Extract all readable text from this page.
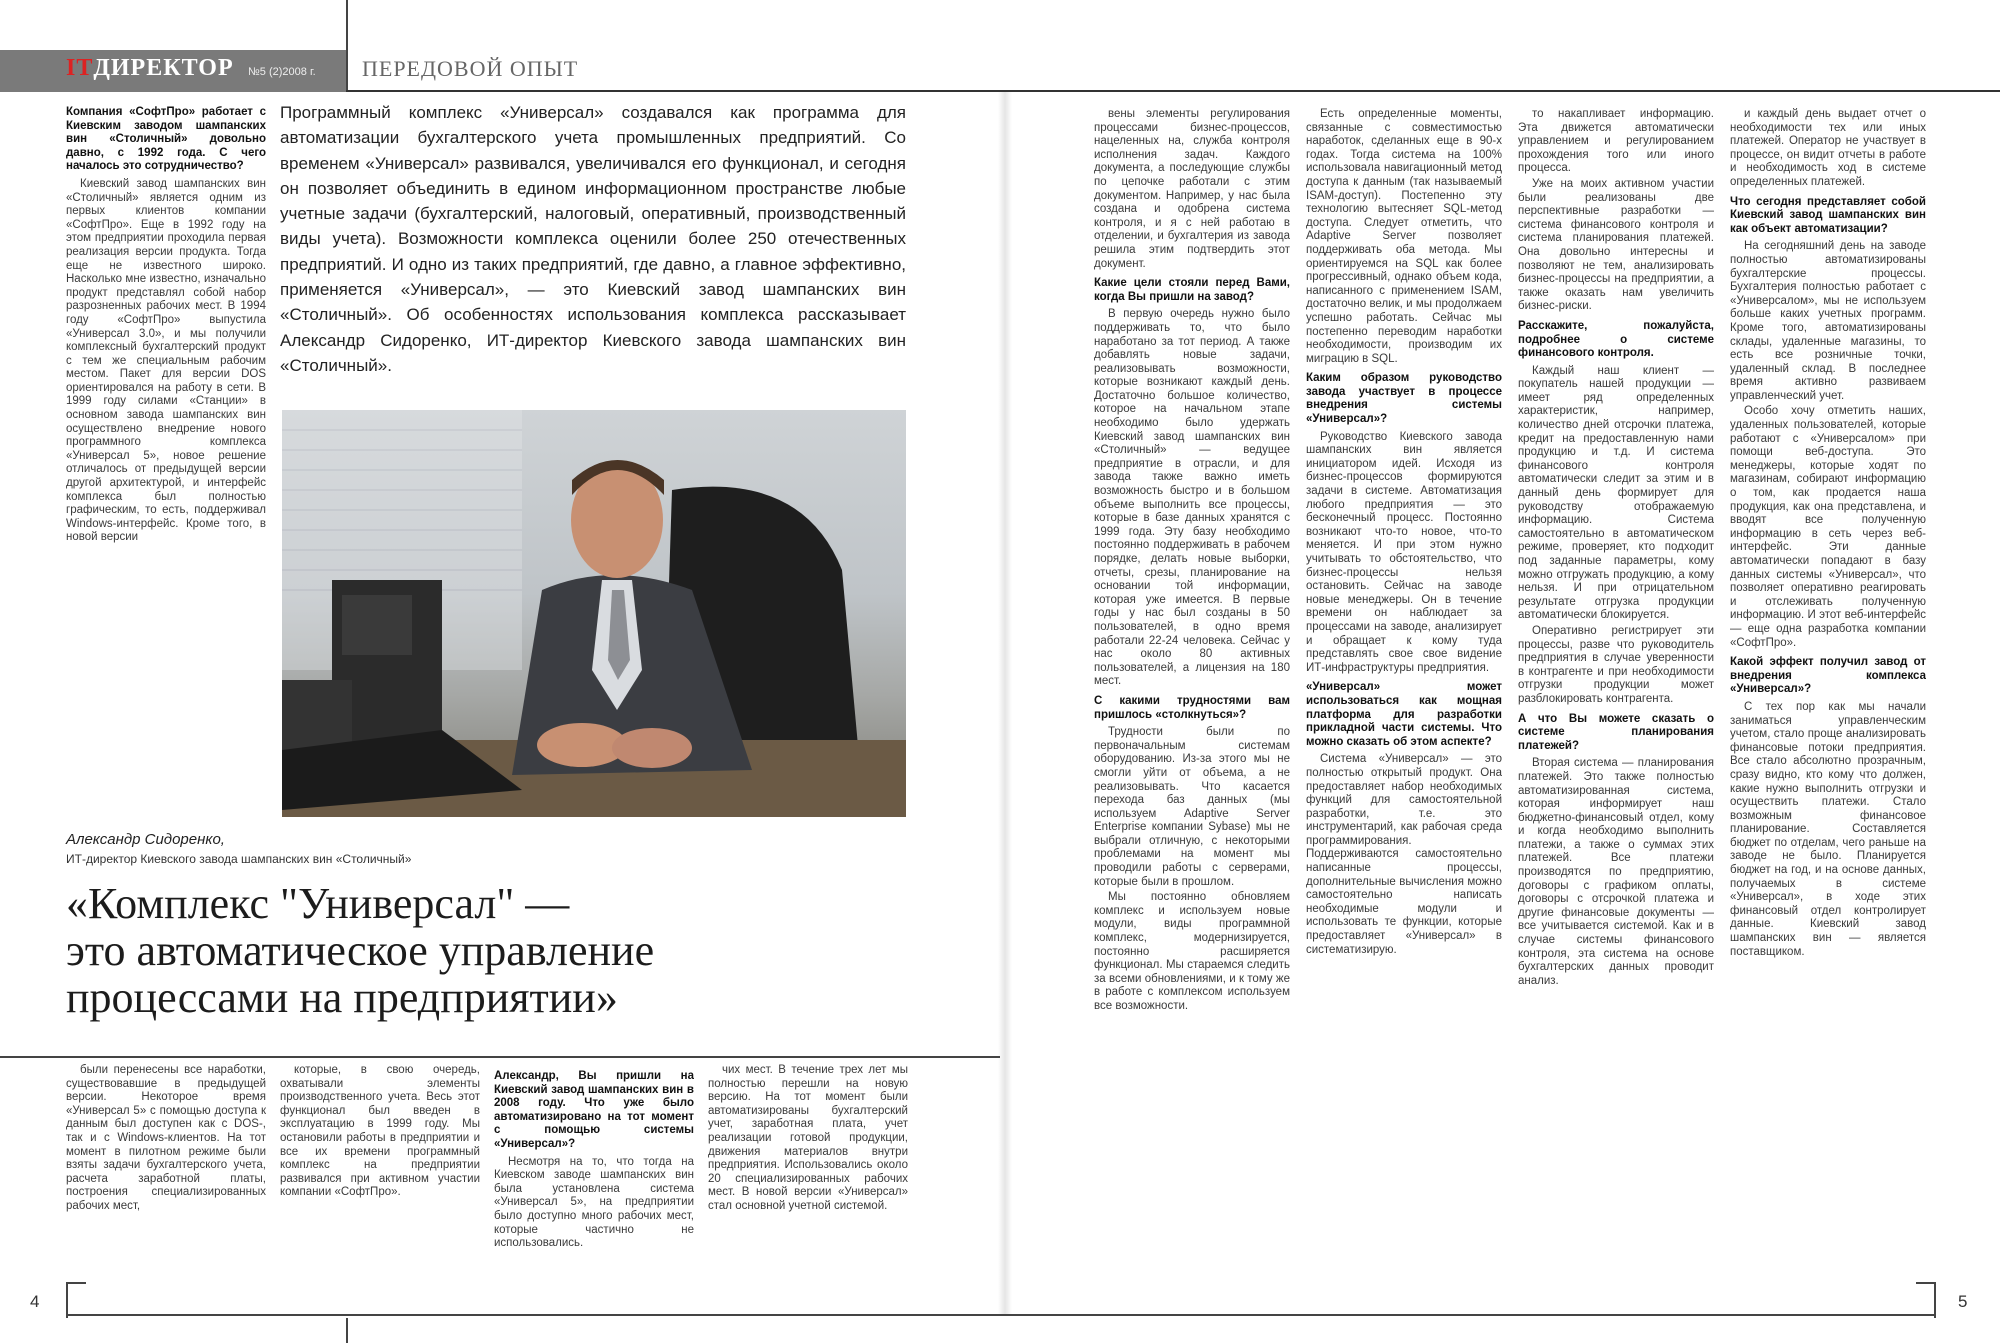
ITДИРЕКТОР №5 (2)2008 г. ПЕРЕДОВОЙ ОПЫТ

Компания «СофтПро» работает с Киевским заводом шампанских вин «Столичный» довольно давно, с 1992 года. С чего началось это сотрудничество?

Киевский завод шампанских вин «Столичный» является одним из первых клиентов компании «СофтПро». Еще в 1992 году на этом предприятии проходила первая реализация версии продукта. Тогда еще не известного широко. Насколько мне известно, изначально продукт представлял собой набор разрозненных рабочих мест. В 1994 году «СофтПро» выпустила «Универсал 3.0», и мы получили комплексный бухгалтерский продукт с тем же специальным рабочим местом. Пакет для версии DOS ориентировался на работу в сети. В 1999 году силами «Станции» в основном завода шампанских вин осуществлено внедрение нового программного комплекса «Универсал 5», новое решение отличалось от предыдущей версии другой архитектурой, и интерфейс комплекса был полностью графическим, то есть, поддерживал Windows-интерфейс. Кроме того, в новой версии

Программный комплекс «Универсал» создавался как программа для автоматизации бухгалтерского учета промышленных предприятий. Со временем «Универсал» развивался, увеличивался его функционал, и сегодня он позволяет объединить в едином информационном пространстве любые учетные задачи (бухгалтерский, налоговый, оперативный, производственный виды учета). Возможности комплекса оценили более 250 отечественных предприятий. И одно из таких предприятий, где давно, а главное эффективно, применяется «Универсал», — это Киевский завод шампанских вин «Столичный». Об особенностях использования комплекса рассказывает Александр Сидоренко, ИТ-директор Киевского завода шампанских вин «Столичный».
Александр Сидоренко,
ИТ-директор Киевского завода шампанских вин «Столичный»
«Комплекс "Универсал" —
это автоматическое управление
процессами на предприятии»

были перенесены все наработки, существовавшие в предыдущей версии. Некоторое время «Универсал 5» с помощью доступа к данным был доступен как с DOS-, так и с Windows-клиентов. На тот момент в пилотном режиме были взяты задачи бухгалтерского учета, расчета заработной платы, построения специализированных рабочих мест,

которые, в свою очередь, охватывали элементы производственного учета. Весь этот функционал был введен в эксплуатацию в 1999 году. Мы остановили работы в предприятии и все их времени программный комплекс на предприятии развивался при активном участии компании «СофтПро».

Александр, Вы пришли на Киевский завод шампанских вин в 2008 году. Что уже было автоматизировано на тот момент с помощью системы «Универсал»?

Несмотря на то, что тогда на Киевском заводе шампанских вин была установлена система «Универсал 5», на предприятии было доступно много рабочих мест, которые частично не использовались.

чих мест. В течение трех лет мы полностью перешли на новую версию. На тот момент были автоматизированы бухгалтерский учет, заработная плата, учет реализации готовой продукции, движения материалов внутри предприятия. Использовались около 20 специализированных рабочих мест. В новой версии «Универсал» стал основной учетной системой.

вены элементы регулирования процессами бизнес-процессов, нацеленных на, служба контроля исполнения задач. Каждого документа, а последующие службы по цепочке работали с этим документом. Например, у нас была создана и одобрена система контроля, и я с ней работаю в отделении, и бухгалтерия из завода решила этим подтвердить этот документ.

Какие цели стояли перед Вами, когда Вы пришли на завод?

В первую очередь нужно было поддерживать то, что было наработано за тот период. А также добавлять новые задачи, реализовывать возможности, которые возникают каждый день. Достаточно большое количество, которое на начальном этапе необходимо было удержать Киевский завод шампанских вин «Столичный» — ведущее предприятие в отрасли, и для завода также важно иметь возможность быстро и в большом объеме выполнить все процессы, которые в базе данных хранятся с 1999 года. Эту базу необходимо постоянно поддерживать в рабочем порядке, делать новые выборки, отчеты, срезы, планирование на основании той информации, которая уже имеется. В первые годы у нас был созданы в 50 пользователей, в одно время работали 22-24 человека. Сейчас у нас около 80 активных пользователей, а лицензия на 180 мест.

С какими трудностями вам пришлось «столкнуться»?

Трудности были по первоначальным системам оборудованию. Из-за этого мы не смогли уйти от объема, а не реализовывать. Что касается перехода баз данных (мы используем Adaptive Server Enterprise компании Sybase) мы не выбрали отличную, с некоторыми проблемами на момент мы проводили работы с серверами, которые были в прошлом.

Мы постоянно обновляем комплекс и используем новые модули, виды программной комплекс, модернизируется, постоянно расширяется функционал. Мы стараемся следить за всеми обновлениями, и к тому же в работе с комплексом используем все возможности.

Есть определенные моменты, связанные с совместимостью наработок, сделанных еще в 90-х годах. Тогда система на 100% использовала навигационный метод доступа к данным (так называемый ISAM-доступ). Постепенно эту технологию вытесняет SQL-метод доступа. Следует отметить, что Adaptive Server позволяет поддерживать оба метода. Мы ориентируемся на SQL как более прогрессивный, однако объем кода, написанного с применением ISAM, достаточно велик, и мы продолжаем успешно работать. Сейчас мы постепенно переводим наработки необходимости, производим их миграцию в SQL.

Каким образом руководство завода участвует в процессе внедрения системы «Универсал»?

Руководство Киевского завода шампанских вин является инициатором идей. Исходя из бизнес-процессов формируются задачи в системе. Автоматизация любого предприятия — это бесконечный процесс. Постоянно возникают что-то новое, что-то меняется. И при этом нужно учитывать то обстоятельство, что бизнес-процессы нельзя остановить. Сейчас на заводе новые менеджеры. Он в течение времени он наблюдает за процессами на заводе, анализирует и обращает к кому туда представлять свое свое видение ИТ-инфраструктуры предприятия.

«Универсал» может использоваться как мощная платформа для разработки прикладной части системы. Что можно сказать об этом аспекте?

Система «Универсал» — это полностью открытый продукт. Она предоставляет набор необходимых функций для самостоятельной разработки, т.е. это инструментарий, как рабочая среда программирования. Поддерживаются самостоятельно написанные процессы, дополнительные вычисления можно самостоятельно написать необходимые модули и использовать те функции, которые предоставляет «Универсал» в систематизирую.

то накапливает информацию. Эта движется автоматически управлением и регулированием прохождения того или иного процесса.

Уже на моих активном участии были реализованы две перспективные разработки — система финансового контроля и система планирования платежей. Она довольно интересны и позволяют не тем, анализировать бизнес-процессы на предприятии, а также оказать нам увеличить бизнес-риски.

Расскажите, пожалуйста, подробнее о системе финансового контроля.

Каждый наш клиент — покупатель нашей продукции — имеет ряд определенных характеристик, например, количество дней отсрочки платежа, кредит на предоставленную нами продукцию и т.д. И система финансового контроля автоматически следит за этим и в данный день формирует для руководству отображаемую информацию. Система самостоятельно в автоматическом режиме, проверяет, кто подходит под заданные параметры, кому можно отгружать продукцию, а кому нельзя. И при отрицательном результате отгрузка продукции автоматически блокируется.

Оперативно регистрирует эти процессы, разве что руководитель предприятия в случае уверенности в контрагенте и при необходимости отгрузки продукции может разблокировать контрагента.

А что Вы можете сказать о системе планирования платежей?

Вторая система — планирования платежей. Это также полностью автоматизированная система, которая информирует наш бюджетно-финансовый отдел, кому и когда необходимо выполнить платежи, а также о суммах этих платежей. Все платежи производятся по предприятию, договоры с графиком оплаты, договоры с отсрочкой платежа и другие финансовые документы — все учитывается системой. Как и в случае системы финансового контроля, эта система на основе бухгалтерских данных проводит анализ.

и каждый день выдает отчет о необходимости тех или иных платежей. Оператор не участвует в процессе, он видит отчеты в работе и необходимость ход в системе определенных платежей.

Что сегодня представляет собой Киевский завод шампанских вин как объект автоматизации?

На сегодняшний день на заводе полностью автоматизированы бухгалтерские процессы. Бухгалтерия полностью работает с «Универсалом», мы не используем больше каких учетных программ. Кроме того, автоматизированы склады, удаленные магазины, то есть все розничные точки, удаленный склад. В последнее время активно развиваем управленческий учет.

Особо хочу отметить наших, удаленных пользователей, которые работают с «Универсалом» при помощи веб-доступа. Это менеджеры, которые ходят по магазинам, собирают информацию о том, как продается наша продукция, как она представлена, и вводят все полученную информацию в сеть через веб-интерфейс. Эти данные автоматически попадают в базу данных системы «Универсал», что позволяет оперативно реагировать и отслеживать полученную информацию. И этот веб-интерфейс — еще одна разработка компании «СофтПро».

Какой эффект получил завод от внедрения комплекса «Универсал»?

С тех пор как мы начали заниматься управленческим учетом, стало проще анализировать финансовые потоки предприятия. Все стало абсолютно прозрачным, сразу видно, кто кому что должен, какие нужно выполнить отгрузки и осуществить платежи. Стало возможным финансовое планирование. Составляется бюджет по отделам, чего раньше на заводе не было. Планируется бюджет на год, и на основе данных, получаемых в системе «Универсал», в ходе этих финансовый отдел контролирует данные. Киевский завод шампанских вин — является поставщиком.

4	5
